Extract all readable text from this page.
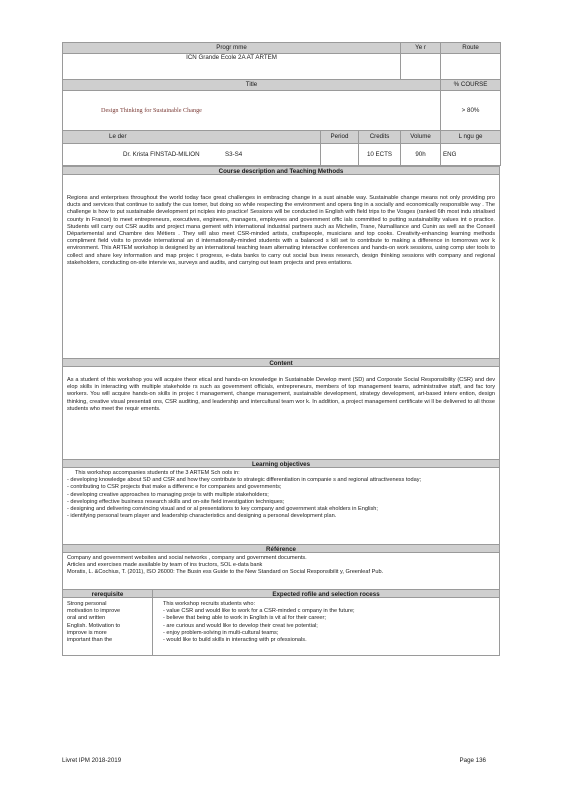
Progr mme			Ye r	Route
ICN Grande Ecole 2A AT ARTEM				
Title				% COURSE
Design Thinking for Sustainable Change				> 80%
Le der	Period	Credits	Volume	L ngu ge
Dr. Krista FINSTAD-MILION S3-S4		10 ECTS	90h	ENG
Course description and Teaching Methods

Regions and enterprises throughout the world today face great challenges in embracing change in a sust ainable way. Sustainable change means not only providing pro ducts and services that continue to satisfy the cus tomer, but doing so while respecting the environment and opera ting in a socially and economically responsible way . The challenge is how to put sustainable development pri nciples into practice! Sessions will be conducted in English with field trips to the Vosges (ranked 6th most indu strialised county in France) to meet entrepreneurs, executives, engineers, managers, employees and government offic ials committed to putting sustainability values int o practice. Students will carry out CSR audits and project mana gement with international industrial partners such as Michelin, Trane, Numalliance and Cunin as well as the Conseil Départemental and Chambre des Métiers . They will also meet CSR-minded artists, craftspeople, musicians and top cooks. Creativity-enhancing learning methods compliment field visits to provide international an d internationally-minded students with a balanced s kill set to contribute to making a difference in tomorrows wor k environment. This ARTEM workshop is designed by an international teaching team alternating interactive conferences and hands-on work sessions, using comp uter tools to collect and share key information and map projec t progress, e-data banks to carry out social bus iness research, design thinking sessions with company and regional stakeholders, conducting on-site intervie ws, surveys and audits, and carrying out team projects and pres entations.

Content

As a student of this workshop you will acquire theor etical and hands-on knowledge in Sustainable Develop ment (SD) and Corporate Social Responsibility (CSR) and dev elop skills in interacting with multiple stakeholde rs such as government officials, entrepreneurs, members of top management teams, administrative staff, and fac tory workers. You will acquire hands-on skills in projec t management, change management, sustainable development, strategy development, art-based interv ention, design thinking, creative visual presentati ons, CSR auditing, and leadership and intercultural team wor k. In addition, a project management certificate wi ll be delivered to all those students who meet the requir ements.

Learning objectives

This workshop accompanies students of the 3 ARTEM Sch ools in:

- developing knowledge about SD and CSR and how they contribute to strategic differentiation in companie s and regional attractiveness today;

- contributing to CSR projects that make a differenc e for companies and governments;

- developing creative approaches to managing proje ts with multiple stakeholders;

- developing effective business research skills and on-site field investigation techniques;

- designing and delivering convincing visual and or al presentations to key company and government stak eholders in English;

- identifying personal team player and leadership characteristics and designing a personal development plan.

Référence

Company and government websites and social networks , company and government documents.

Articles and exercises made available by team of ins tructors, SOL e-data bank

Moratis, L. &Cochius, T. (2011), ISO 26000: The Busin ess Guide to the New Standard on Social Responsibilit y, Greenleaf Pub.

rerequisite	Expected rofile and selection rocess

Strong personal

motivation to improve

oral and written

English. Motivation to

improve is more

important than the

This workshop recruits students who:

- value CSR and would like to work for a CSR-minded c ompany in the future;

- believe that being able to work in English is vit al for their career;

- are curious and would like to develop their creat ive potential;

- enjoy problem-solving in multi-cultural teams;

- would like to build skills in interacting with pr ofessionals.

Livret IPM 2018-2019	Page 136
